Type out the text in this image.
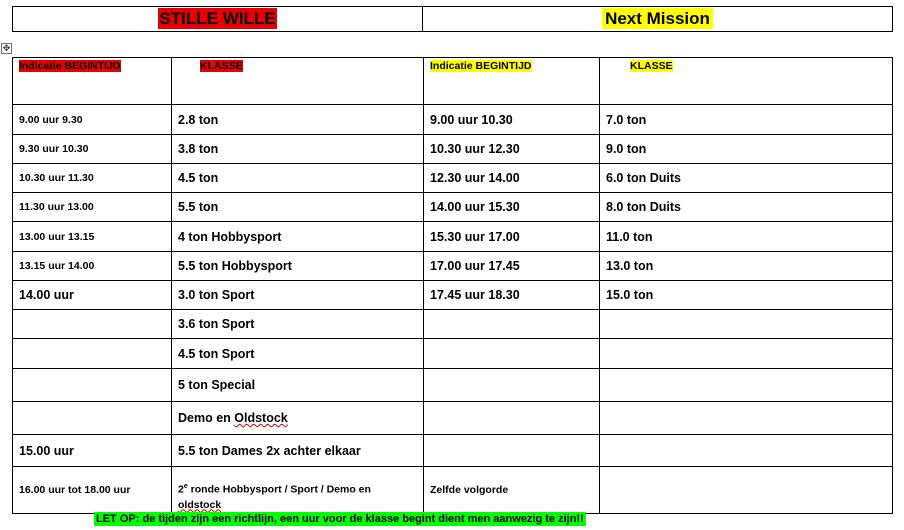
STILLE WILLE	Next Mission
✥
Indicatie BEGINTIJD	KLASSE	Indicatie BEGINTIJD	KLASSE
9.00 uur 9.30	2.8 ton	9.00 uur 10.30	7.0 ton
9.30 uur 10.30	3.8 ton	10.30 uur 12.30	9.0 ton
10.30 uur 11.30	4.5 ton	12.30 uur 14.00	6.0 ton Duits
11.30 uur 13.00	5.5 ton	14.00 uur 15.30	8.0 ton Duits
13.00 uur 13.15	4 ton Hobbysport	15.30 uur 17.00	11.0 ton
13.15 uur 14.00	5.5 ton Hobbysport	17.00 uur 17.45	13.0 ton
14.00 uur	3.0 ton Sport	17.45 uur 18.30	15.0 ton
	3.6 ton Sport		
	4.5 ton Sport		
	5 ton Special		
	Demo en Oldstock		
15.00 uur	5.5 ton Dames 2x achter elkaar		
16.00 uur tot 18.00 uur	2e ronde Hobbysport / Sport / Demo en oldstock	Zelfde volgorde	
LET OP: de tijden zijn een richtlijn, een uur voor de klasse begint dient men aanwezig te zijn!!
